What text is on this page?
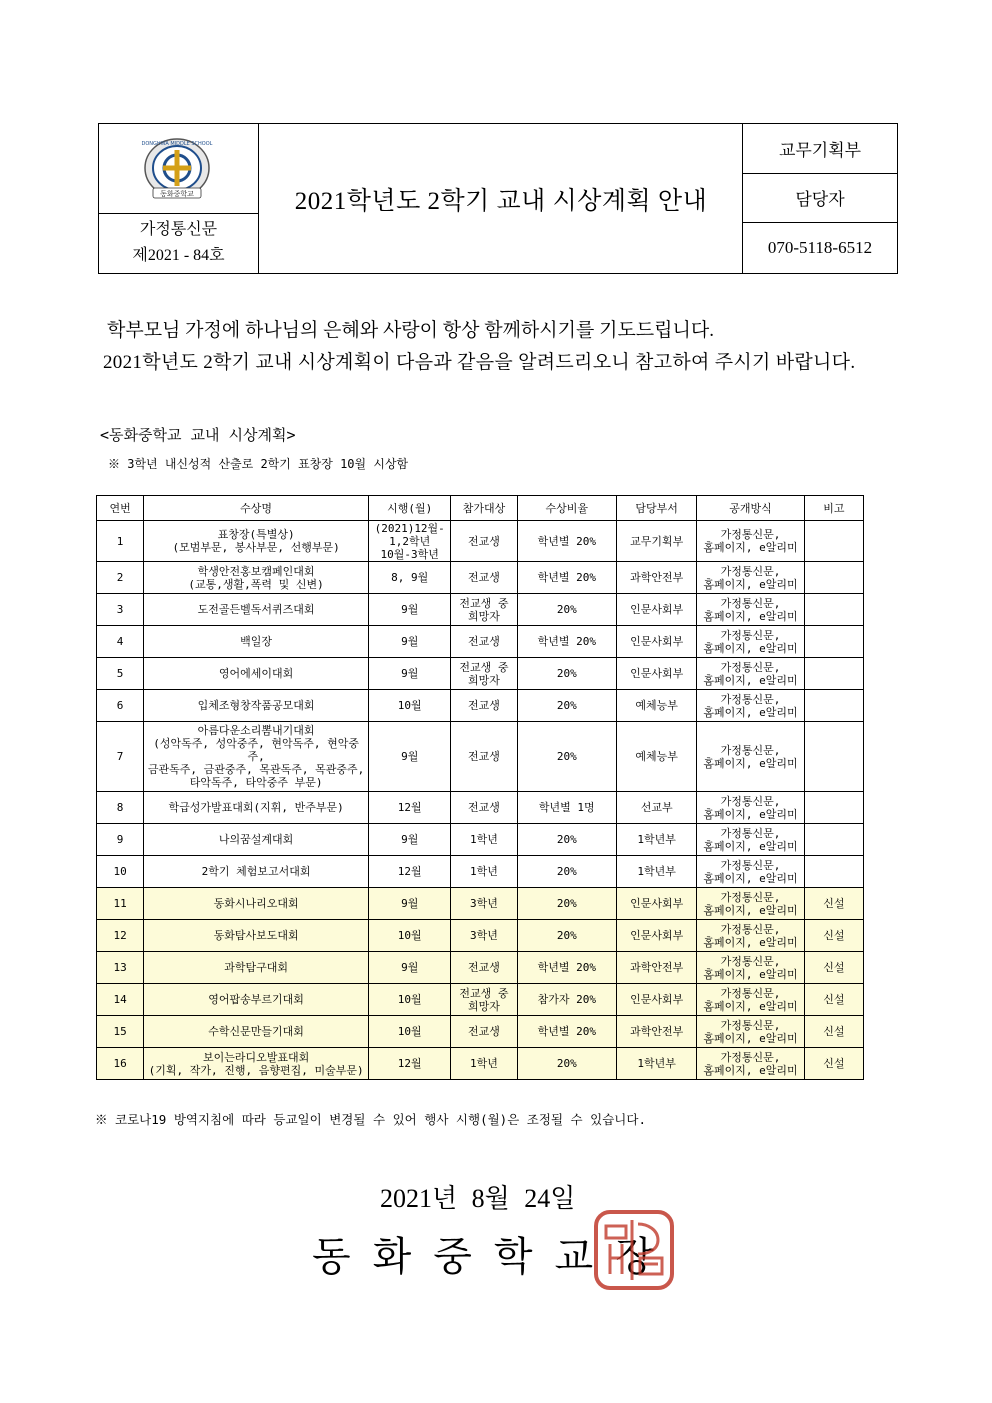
동화중학교
DONGHWA MIDDLE SCHOOL
가정통신문
제2021 - 84호
2021학년도 2학기 교내 시상계획 안내
교무기획부
담당자
070-5118-6512
학부모님 가정에 하나님의 은혜와 사랑이 항상 함께하시기를 기도드립니다.
2021학년도 2학기 교내 시상계획이 다음과 같음을 알려드리오니 참고하여 주시기 바랍니다.
<동화중학교 교내 시상계획>
※ 3학년 내신성적 산출로 2학기 표창장 10월 시상함
연번	수상명	시행(월)	참가대상	수상비율	담당부서	공개방식	비고
1	표창장(특별상)
(모범부문, 봉사부문, 선행부문)	(2021)12월-
1,2학년
10월-3학년	전교생	학년별 20%	교무기획부	가정통신문,
홈페이지, e알리미	
2	학생안전홍보캠페인대회
(교통,생활,폭력 및 신변)	8, 9월	전교생	학년별 20%	과학안전부	가정통신문,
홈페이지, e알리미	
3	도전골든벨독서퀴즈대회	9월	전교생 중
희망자	20%	인문사회부	가정통신문,
홈페이지, e알리미	
4	백일장	9월	전교생	학년별 20%	인문사회부	가정통신문,
홈페이지, e알리미	
5	영어에세이대회	9월	전교생 중
희망자	20%	인문사회부	가정통신문,
홈페이지, e알리미	
6	입체조형창작품공모대회	10월	전교생	20%	예체능부	가정통신문,
홈페이지, e알리미	
7	아름다운소리뽐내기대회
(성악독주, 성악중주, 현악독주, 현악중주,
금관독주, 금관중주, 목관독주, 목관중주,
타악독주, 타악중주 부문)	9월	전교생	20%	예체능부	가정통신문,
홈페이지, e알리미	
8	학급성가발표대회(지휘, 반주부문)	12월	전교생	학년별 1명	선교부	가정통신문,
홈페이지, e알리미	
9	나의꿈설계대회	9월	1학년	20%	1학년부	가정통신문,
홈페이지, e알리미	
10	2학기 체험보고서대회	12월	1학년	20%	1학년부	가정통신문,
홈페이지, e알리미	
11	동화시나리오대회	9월	3학년	20%	인문사회부	가정통신문,
홈페이지, e알리미	신설
12	동화탐사보도대회	10월	3학년	20%	인문사회부	가정통신문,
홈페이지, e알리미	신설
13	과학탐구대회	9월	전교생	학년별 20%	과학안전부	가정통신문,
홈페이지, e알리미	신설
14	영어팝송부르기대회	10월	전교생 중
희망자	참가자 20%	인문사회부	가정통신문,
홈페이지, e알리미	신설
15	수학신문만들기대회	10월	전교생	학년별 20%	과학안전부	가정통신문,
홈페이지, e알리미	신설
16	보이는라디오발표대회
(기획, 작가, 진행, 음향편집, 미술부문)	12월	1학년	20%	1학년부	가정통신문,
홈페이지, e알리미	신설
※ 코로나19 방역지침에 따라 등교일이 변경될 수 있어 행사 시행(월)은 조정될 수 있습니다.
2021년 8월 24일
동화중학교장
